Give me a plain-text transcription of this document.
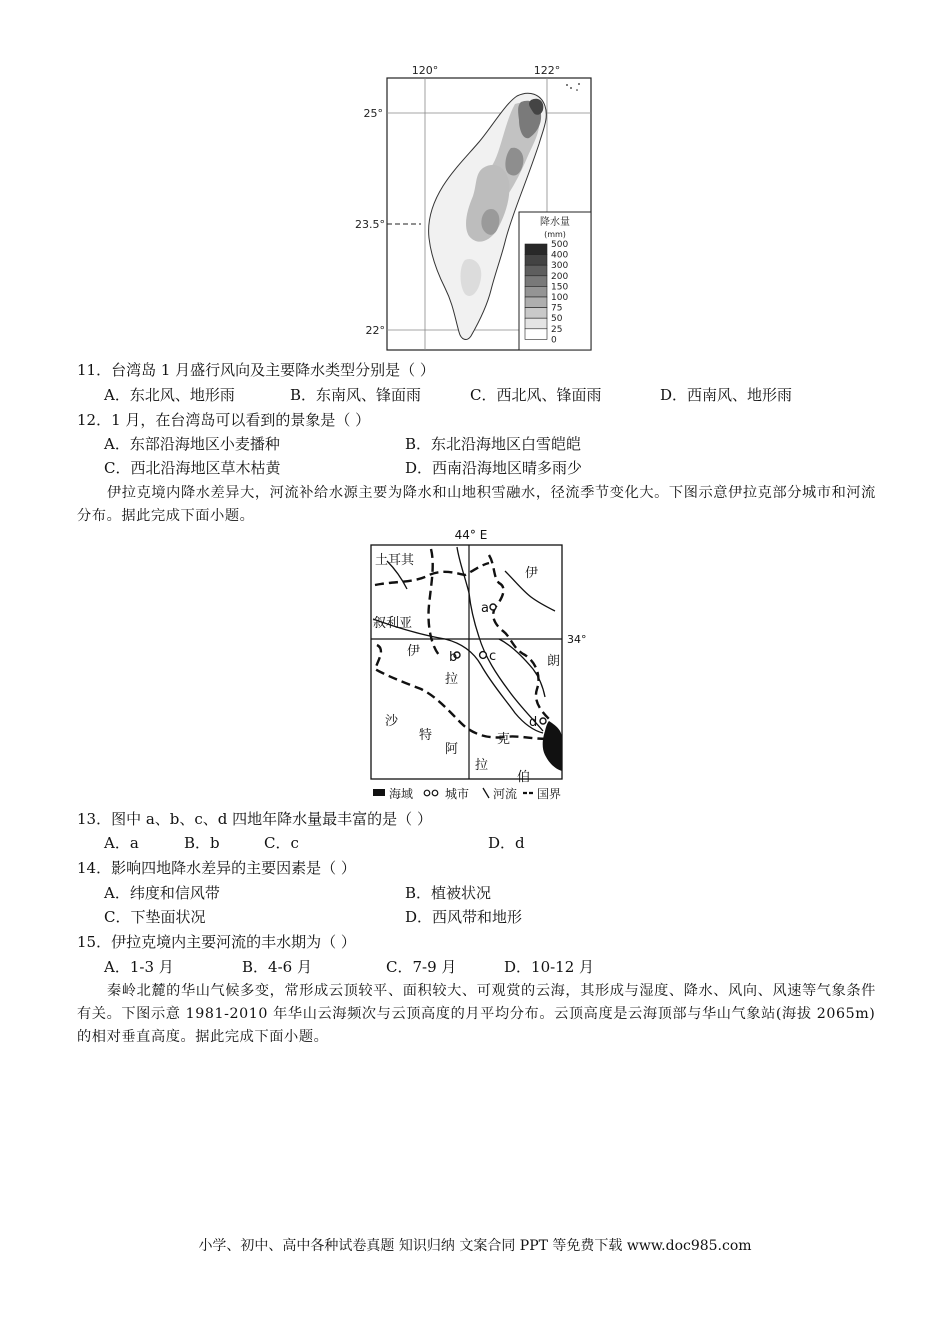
120°	122°
25°
23.5°
22°
降水量
(mm)
500
400
300
200
150
100
75
50
25
0
11．台湾岛 1 月盛行风向及主要降水类型分别是（ ）
A．东北风、地形雨	B．东南风、锋面雨	C．西北风、锋面雨	D．西南风、地形雨
12．1 月，在台湾岛可以看到的景象是（ ）
A．东部沿海地区小麦播种	B．东北沿海地区白雪皑皑
C．西北沿海地区草木枯黄	D．西南沿海地区晴多雨少
伊拉克境内降水差异大，河流补给水源主要为降水和山地积雪融水，径流季节变化大。下图示意伊拉克部分城市和河流分布。据此完成下面小题。
44° E
34°
a
b c
d
土耳其
叙利亚
伊
朗
伊
拉
克
沙
特
阿
拉
伯
海域	城市 河流 国界
13．图中 a、b、c、d 四地年降水量最丰富的是（ ）
A．a	B．b	C．c	D．d
14．影响四地降水差异的主要因素是（ ）
A．纬度和信风带	B．植被状况
C．下垫面状况	D．西风带和地形
15．伊拉克境内主要河流的丰水期为（ ）
A．1-3 月	B．4-6 月	C．7-9 月	D．10-12 月
秦岭北麓的华山气候多变，常形成云顶较平、面积较大、可观赏的云海，其形成与湿度、降水、风向、风速等气象条件有关。下图示意 1981-2010 年华山云海频次与云顶高度的月平均分布。云顶高度是云海顶部与华山气象站(海拔 2065m)的相对垂直高度。据此完成下面小题。
小学、初中、高中各种试卷真题 知识归纳 文案合同 PPT 等免费下载 www.doc985.com
